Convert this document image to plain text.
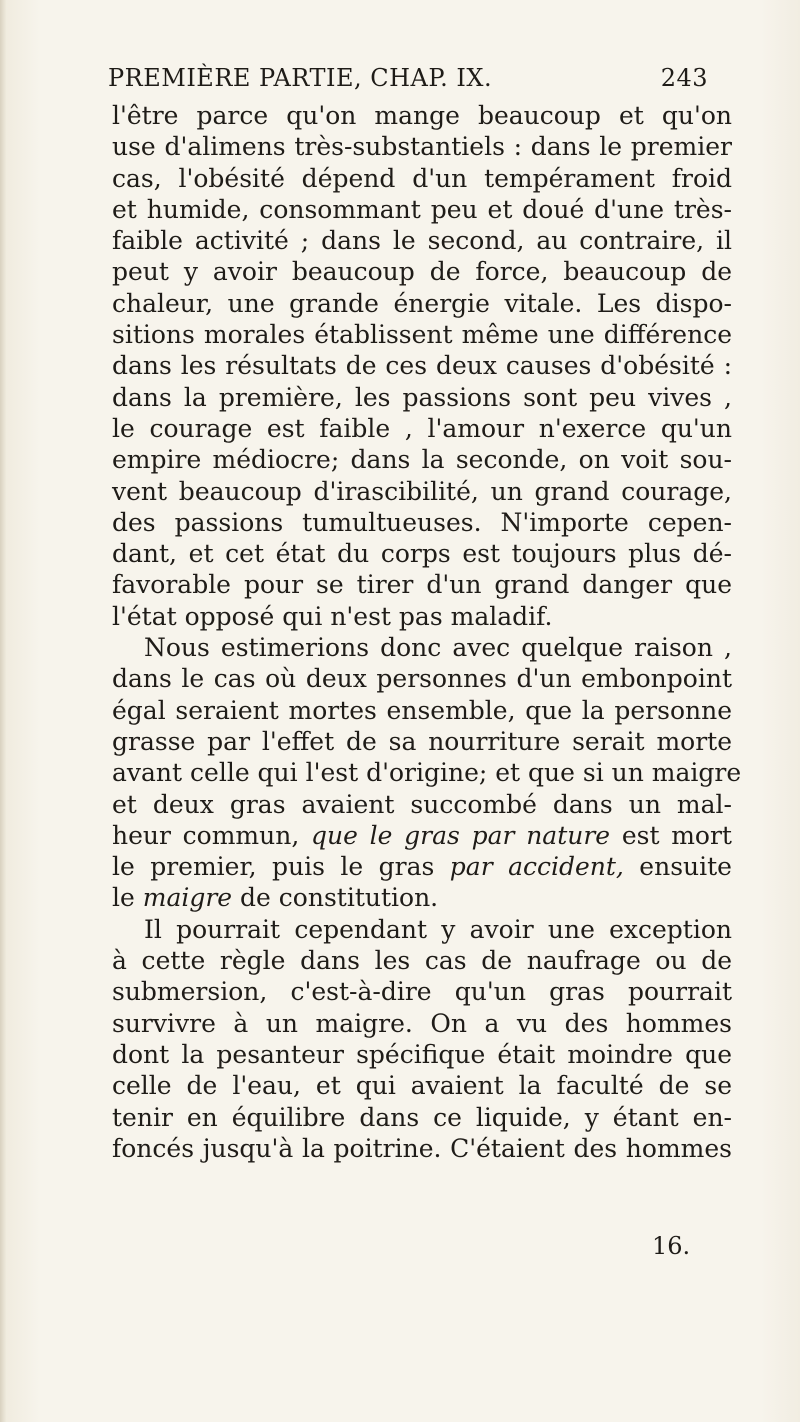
PREMIÈRE PARTIE, CHAP. IX.	243

l'être parce qu'on mange beaucoup et qu'on
use d'alimens très-substantiels : dans le premier
cas, l'obésité dépend d'un tempérament froid
et humide, consommant peu et doué d'une très-
faible activité ; dans le second, au contraire, il
peut y avoir beaucoup de force, beaucoup de
chaleur, une grande énergie vitale. Les dispo-
sitions morales établissent même une différence
dans les résultats de ces deux causes d'obésité :
dans la première, les passions sont peu vives ,
le courage est faible , l'amour n'exerce qu'un
empire médiocre; dans la seconde, on voit sou-
vent beaucoup d'irascibilité, un grand courage,
des passions tumultueuses. N'importe cepen-
dant, et cet état du corps est toujours plus dé-
favorable pour se tirer d'un grand danger que
l'état opposé qui n'est pas maladif.

Nous estimerions donc avec quelque raison ,
dans le cas où deux personnes d'un embonpoint
égal seraient mortes ensemble, que la personne
grasse par l'effet de sa nourriture serait morte
avant celle qui l'est d'origine; et que si un maigre
et deux gras avaient succombé dans un mal-
heur commun, que le gras par nature est mort
le premier, puis le gras par accident, ensuite
le maigre de constitution.

Il pourrait cependant y avoir une exception
à cette règle dans les cas de naufrage ou de
submersion, c'est-à-dire qu'un gras pourrait
survivre à un maigre. On a vu des hommes
dont la pesanteur spécifique était moindre que
celle de l'eau, et qui avaient la faculté de se
tenir en équilibre dans ce liquide, y étant en-
foncés jusqu'à la poitrine. C'étaient des hommes

16.
